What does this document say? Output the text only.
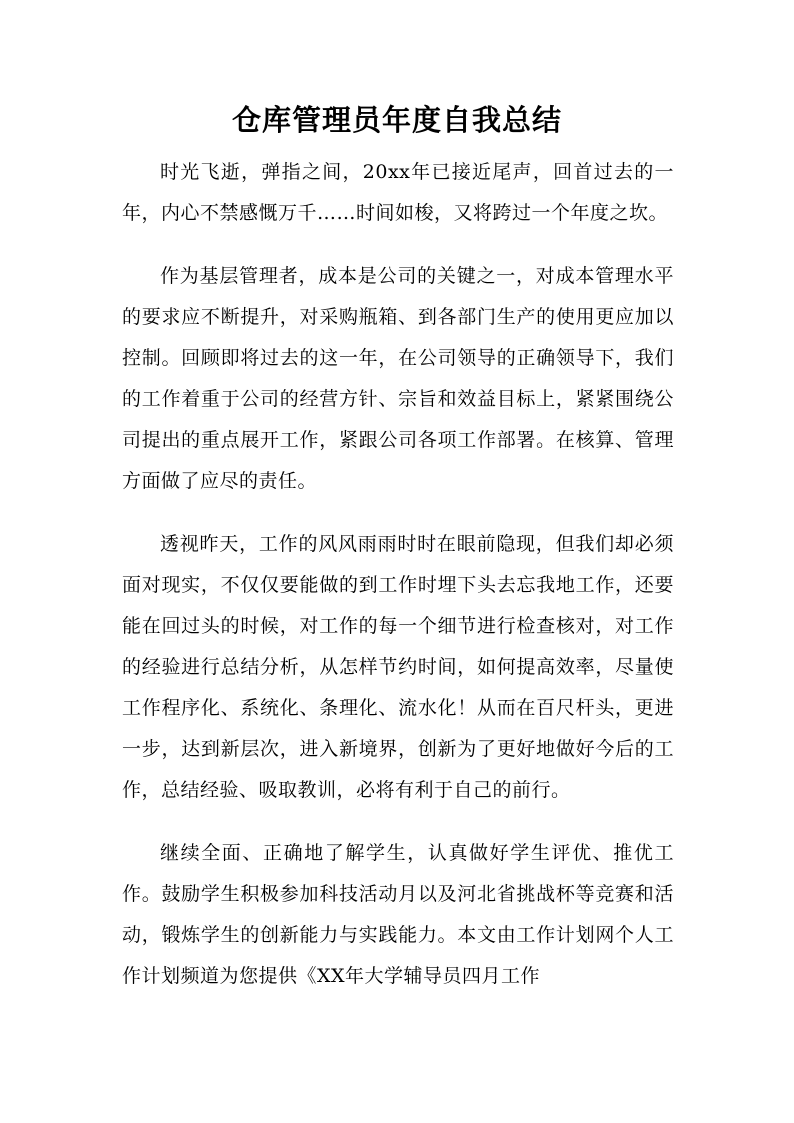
仓库管理员年度自我总结

时光飞逝，弹指之间，20xx年已接近尾声，回首过去的一年，内心不禁感慨万千……时间如梭，又将跨过一个年度之坎。

作为基层管理者，成本是公司的关键之一，对成本管理水平的要求应不断提升，对采购瓶箱、到各部门生产的使用更应加以控制。回顾即将过去的这一年，在公司领导的正确领导下，我们的工作着重于公司的经营方针、宗旨和效益目标上，紧紧围绕公司提出的重点展开工作，紧跟公司各项工作部署。在核算、管理方面做了应尽的责任。

透视昨天，工作的风风雨雨时时在眼前隐现，但我们却必须面对现实，不仅仅要能做的到工作时埋下头去忘我地工作，还要能在回过头的时候，对工作的每一个细节进行检查核对，对工作的经验进行总结分析，从怎样节约时间，如何提高效率，尽量使工作程序化、系统化、条理化、流水化！从而在百尺杆头，更进一步，达到新层次，进入新境界，创新为了更好地做好今后的工作，总结经验、吸取教训，必将有利于自己的前行。

继续全面、正确地了解学生，认真做好学生评优、推优工作。鼓励学生积极参加科技活动月以及河北省挑战杯等竞赛和活动，锻炼学生的创新能力与实践能力。本文由工作计划网个人工作计划频道为您提供《XX年大学辅导员四月工作
